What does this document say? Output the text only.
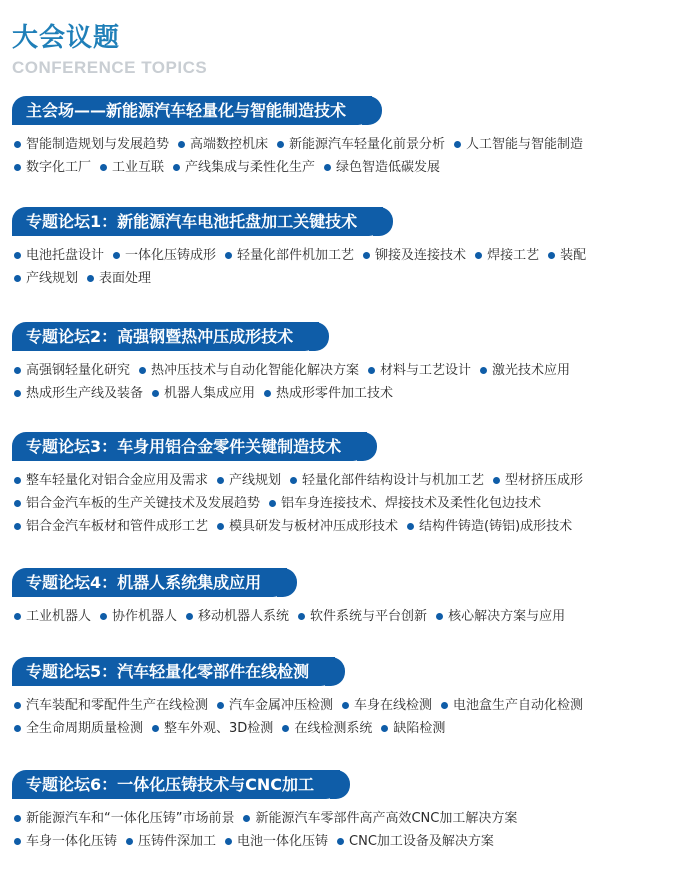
大会议题
CONFERENCE TOPICS
主会场——新能源汽车轻量化与智能制造技术
智能制造规划与发展趋势 高端数控机床 新能源汽车轻量化前景分析 人工智能与智能制造
数字化工厂 工业互联 产线集成与柔性化生产 绿色智造低碳发展
专题论坛1：新能源汽车电池托盘加工关键技术
电池托盘设计 一体化压铸成形 轻量化部件机加工艺 铆接及连接技术 焊接工艺 装配
产线规划 表面处理
专题论坛2：高强钢暨热冲压成形技术
高强钢轻量化研究 热冲压技术与自动化智能化解决方案 材料与工艺设计 激光技术应用
热成形生产线及装备 机器人集成应用 热成形零件加工技术
专题论坛3：车身用铝合金零件关键制造技术
整车轻量化对铝合金应用及需求 产线规划 轻量化部件结构设计与机加工艺 型材挤压成形
铝合金汽车板的生产关键技术及发展趋势 铝车身连接技术、焊接技术及柔性化包边技术
铝合金汽车板材和管件成形工艺 模具研发与板材冲压成形技术 结构件铸造(铸铝)成形技术
专题论坛4：机器人系统集成应用
工业机器人 协作机器人 移动机器人系统 软件系统与平台创新 核心解决方案与应用
专题论坛5：汽车轻量化零部件在线检测
汽车装配和零配件生产在线检测 汽车金属冲压检测 车身在线检测 电池盒生产自动化检测
全生命周期质量检测 整车外观、3D检测 在线检测系统 缺陷检测
专题论坛6：一体化压铸技术与CNC加工
新能源汽车和“一体化压铸”市场前景 新能源汽车零部件高产高效CNC加工解决方案
车身一体化压铸 压铸件深加工 电池一体化压铸 CNC加工设备及解决方案
